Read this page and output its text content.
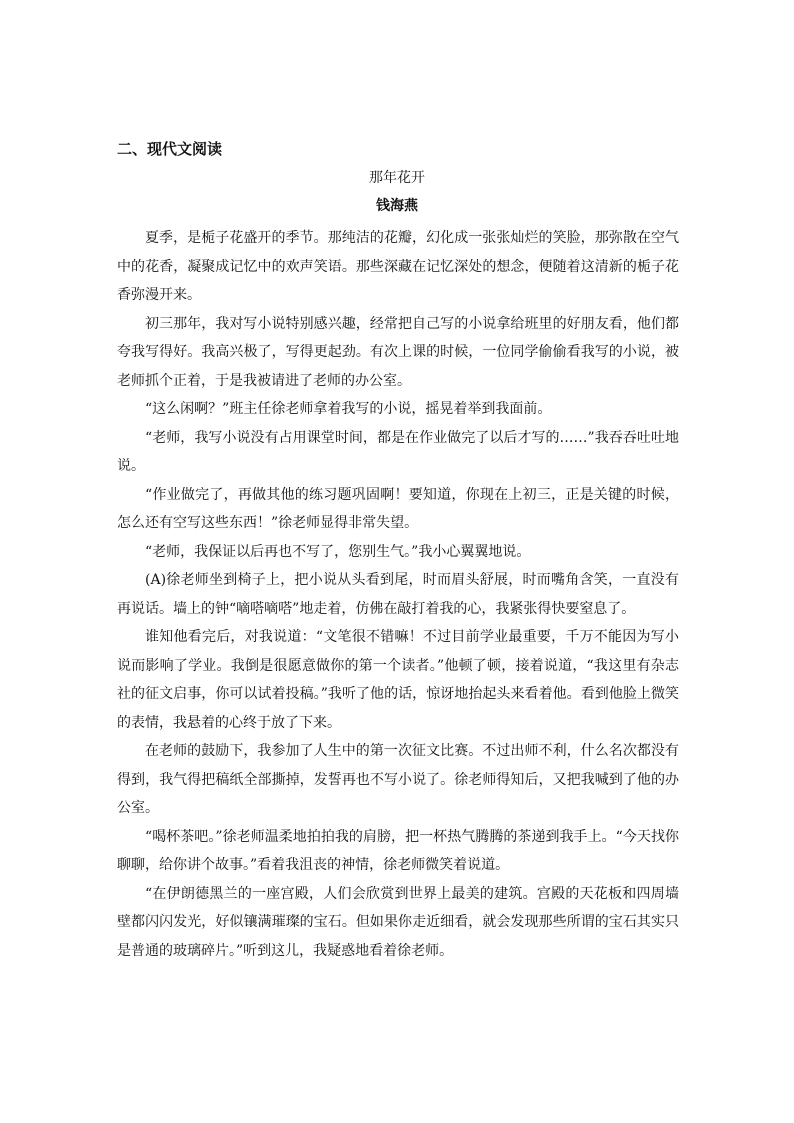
二、现代文阅读
那年花开
钱海燕

夏季，是栀子花盛开的季节。那纯洁的花瓣，幻化成一张张灿烂的笑脸，那弥散在空气中的花香，凝聚成记忆中的欢声笑语。那些深藏在记忆深处的想念，便随着这清新的栀子花香弥漫开来。

初三那年，我对写小说特别感兴趣，经常把自己写的小说拿给班里的好朋友看，他们都夸我写得好。我高兴极了，写得更起劲。有次上课的时候，一位同学偷偷看我写的小说，被老师抓个正着，于是我被请进了老师的办公室。

“这么闲啊？”班主任徐老师拿着我写的小说，摇晃着举到我面前。

“老师，我写小说没有占用课堂时间，都是在作业做完了以后才写的……”我吞吞吐吐地说。

“作业做完了，再做其他的练习题巩固啊！要知道，你现在上初三，正是关键的时候，怎么还有空写这些东西！”徐老师显得非常失望。

“老师，我保证以后再也不写了，您别生气。”我小心翼翼地说。

(A)徐老师坐到椅子上，把小说从头看到尾，时而眉头舒展，时而嘴角含笑，一直没有再说话。墙上的钟“嘀嗒嘀嗒”地走着，仿佛在敲打着我的心，我紧张得快要窒息了。

谁知他看完后，对我说道：“文笔很不错嘛！不过目前学业最重要，千万不能因为写小说而影响了学业。我倒是很愿意做你的第一个读者。”他顿了顿，接着说道，“我这里有杂志社的征文启事，你可以试着投稿。”我听了他的话，惊讶地抬起头来看着他。看到他脸上微笑的表情，我悬着的心终于放了下来。

在老师的鼓励下，我参加了人生中的第一次征文比赛。不过出师不利，什么名次都没有得到，我气得把稿纸全部撕掉，发誓再也不写小说了。徐老师得知后，又把我喊到了他的办公室。

“喝杯茶吧。”徐老师温柔地拍拍我的肩膀，把一杯热气腾腾的茶递到我手上。“今天找你聊聊，给你讲个故事。”看着我沮丧的神情，徐老师微笑着说道。

“在伊朗德黑兰的一座宫殿，人们会欣赏到世界上最美的建筑。宫殿的天花板和四周墙壁都闪闪发光，好似镶满璀璨的宝石。但如果你走近细看，就会发现那些所谓的宝石其实只是普通的玻璃碎片。”听到这儿，我疑惑地看着徐老师。
